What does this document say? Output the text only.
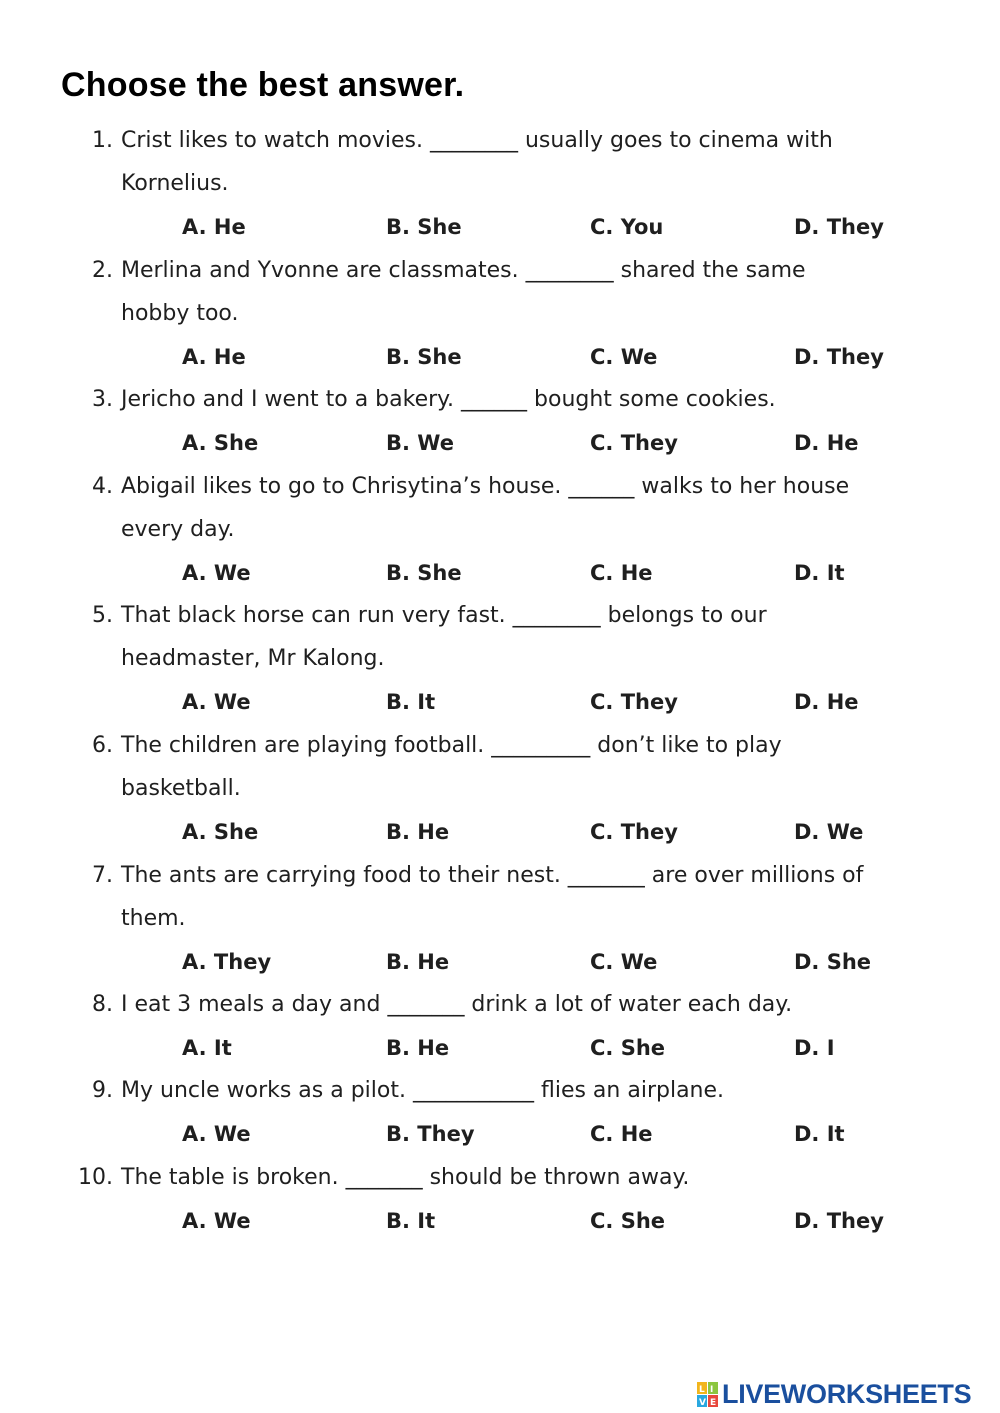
Choose the best answer.
1. Crist likes to watch movies. ________ usually goes to cinema with
Kornelius.
A. He	B. She	C. You	D. They
2. Merlina and Yvonne are classmates. ________ shared the same
hobby too.
A. He	B. She	C. We	D. They
3. Jericho and I went to a bakery. ______ bought some cookies.
A. She	B. We	C. They	D. He
4. Abigail likes to go to Chrisytina’s house. ______ walks to her house
every day.
A. We	B. She	C. He	D. It
5. That black horse can run very fast. ________ belongs to our
headmaster, Mr Kalong.
A. We	B. It	C. They	D. He
6. The children are playing football. _________ don’t like to play
basketball.
A. She	B. He	C. They	D. We
7. The ants are carrying food to their nest. _______ are over millions of
them.
A. They	B. He	C. We	D. She
8. I eat 3 meals a day and _______ drink a lot of water each day.
A. It	B. He	C. She	D. I
9. My uncle works as a pilot. ___________ flies an airplane.
A. We	B. They	C. He	D. It
10. The table is broken. _______ should be thrown away.
A. We	B. It	C. She	D. They
L I
V E LIVEWORKSHEETS
